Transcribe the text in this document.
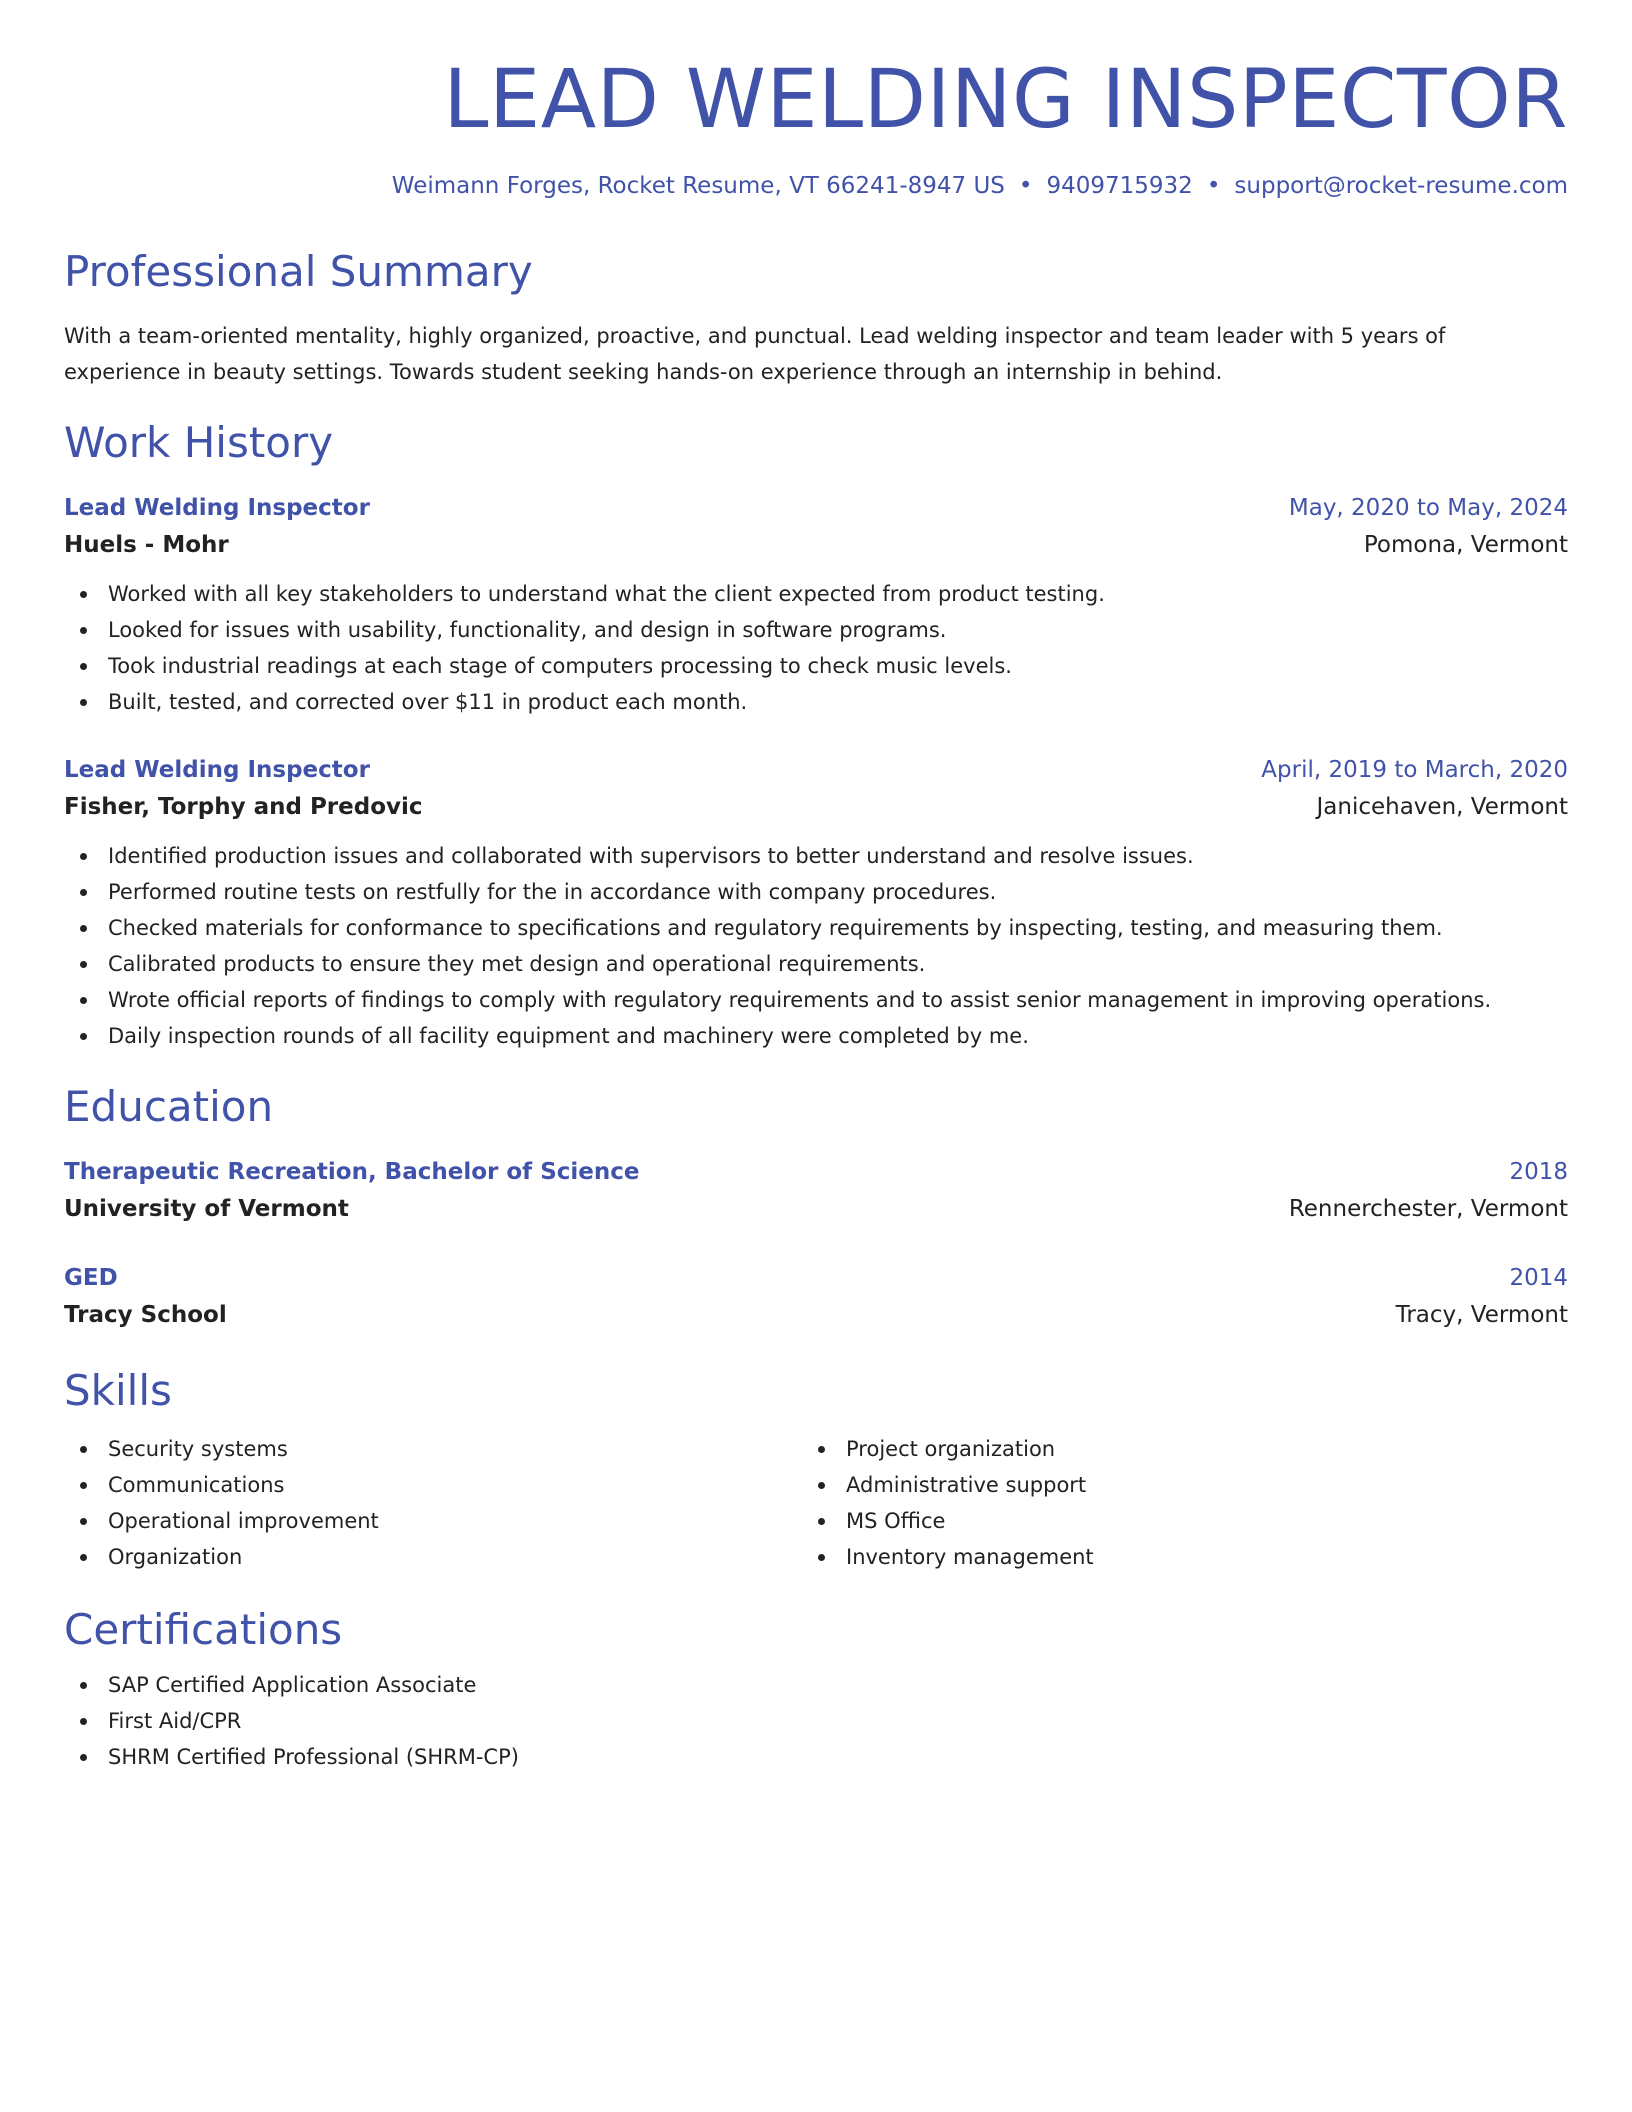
LEAD WELDING INSPECTOR
Weimann Forges, Rocket Resume, VT 66241-8947 US • 9409715932 • support@rocket-resume.com
Professional Summary

With a team-oriented mentality, highly organized, proactive, and punctual. Lead welding inspector and team leader with 5 years of experience in beauty settings. Towards student seeking hands-on experience through an internship in behind.

Work History
Lead Welding Inspector	May, 2020 to May, 2024
Huels - Mohr	Pomona, Vermont
Worked with all key stakeholders to understand what the client expected from product testing.
Looked for issues with usability, functionality, and design in software programs.
Took industrial readings at each stage of computers processing to check music levels.
Built, tested, and corrected over $11 in product each month.
Lead Welding Inspector	April, 2019 to March, 2020
Fisher, Torphy and Predovic	Janicehaven, Vermont
Identified production issues and collaborated with supervisors to better understand and resolve issues.
Performed routine tests on restfully for the in accordance with company procedures.
Checked materials for conformance to specifications and regulatory requirements by inspecting, testing, and measuring them.
Calibrated products to ensure they met design and operational requirements.
Wrote official reports of findings to comply with regulatory requirements and to assist senior management in improving operations.
Daily inspection rounds of all facility equipment and machinery were completed by me.
Education
Therapeutic Recreation, Bachelor of Science	2018
University of Vermont	Rennerchester, Vermont
GED	2014
Tracy School	Tracy, Vermont
Skills
Security systems
Communications
Operational improvement
Organization
Project organization
Administrative support
MS Office
Inventory management
Certifications
SAP Certified Application Associate
First Aid/CPR
SHRM Certified Professional (SHRM-CP)
